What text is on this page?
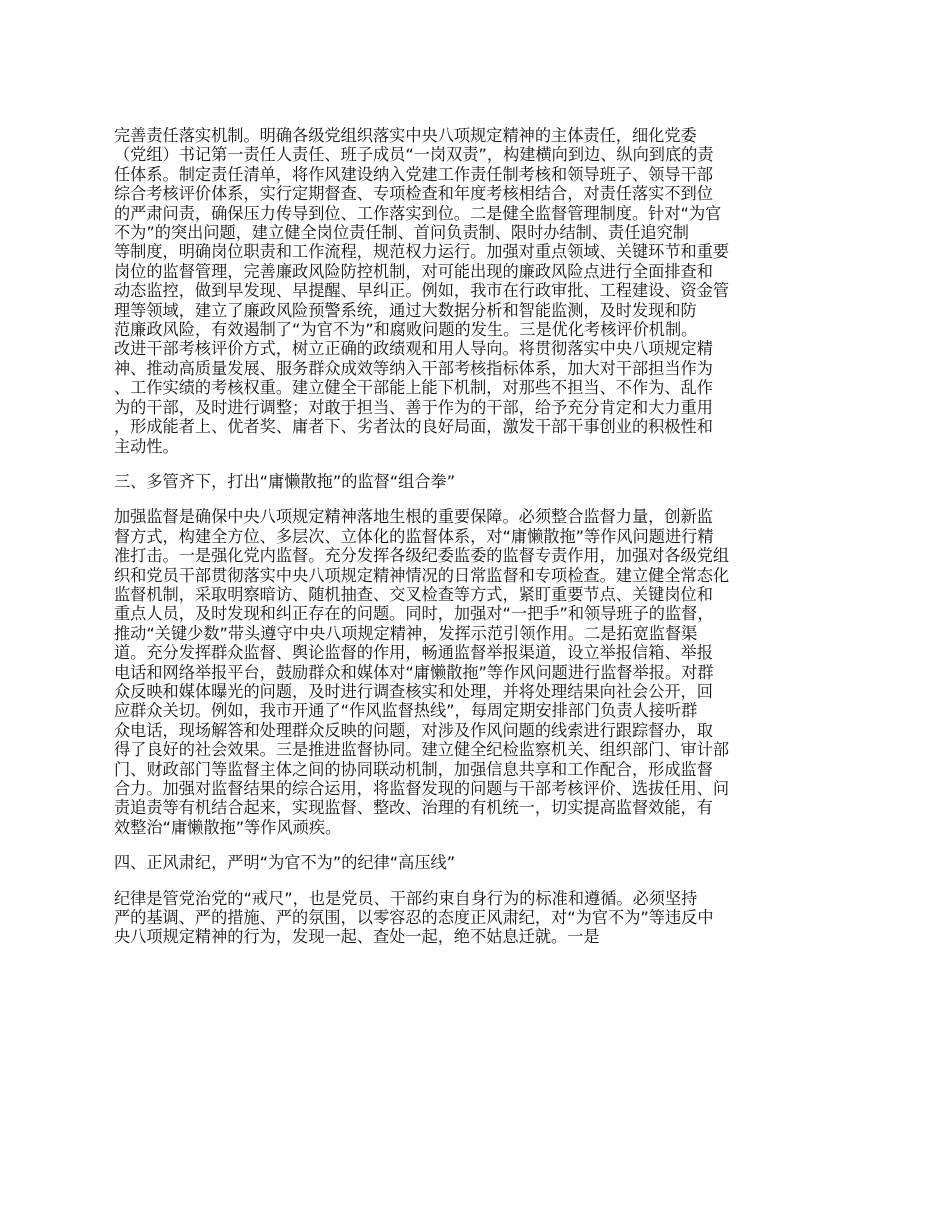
完善责任落实机制。明确各级党组织落实中央八项规定精神的主体责任，细化党委
（党组）书记第一责任人责任、班子成员“一岗双责”，构建横向到边、纵向到底的责
任体系。制定责任清单，将作风建设纳入党建工作责任制考核和领导班子、领导干部
综合考核评价体系，实行定期督查、专项检查和年度考核相结合，对责任落实不到位
的严肃问责，确保压力传导到位、工作落实到位。二是健全监督管理制度。针对“为官
不为”的突出问题，建立健全岗位责任制、首问负责制、限时办结制、责任追究制
等制度，明确岗位职责和工作流程，规范权力运行。加强对重点领域、关键环节和重要
岗位的监督管理，完善廉政风险防控机制，对可能出现的廉政风险点进行全面排查和
动态监控，做到早发现、早提醒、早纠正。例如，我市在行政审批、工程建设、资金管
理等领域，建立了廉政风险预警系统，通过大数据分析和智能监测，及时发现和防
范廉政风险，有效遏制了“为官不为”和腐败问题的发生。三是优化考核评价机制。
改进干部考核评价方式，树立正确的政绩观和用人导向。将贯彻落实中央八项规定精
神、推动高质量发展、服务群众成效等纳入干部考核指标体系，加大对干部担当作为
、工作实绩的考核权重。建立健全干部能上能下机制，对那些不担当、不作为、乱作
为的干部，及时进行调整；对敢于担当、善于作为的干部，给予充分肯定和大力重用
，形成能者上、优者奖、庸者下、劣者汰的良好局面，激发干部干事创业的积极性和
主动性。
三、多管齐下，打出“庸懒散拖”的监督“组合拳”
加强监督是确保中央八项规定精神落地生根的重要保障。必须整合监督力量，创新监
督方式，构建全方位、多层次、立体化的监督体系，对“庸懒散拖”等作风问题进行精
准打击。一是强化党内监督。充分发挥各级纪委监委的监督专责作用，加强对各级党组
织和党员干部贯彻落实中央八项规定精神情况的日常监督和专项检查。建立健全常态化
监督机制，采取明察暗访、随机抽查、交叉检查等方式，紧盯重要节点、关键岗位和
重点人员，及时发现和纠正存在的问题。同时，加强对“一把手”和领导班子的监督，
推动“关键少数”带头遵守中央八项规定精神，发挥示范引领作用。二是拓宽监督渠
道。充分发挥群众监督、舆论监督的作用，畅通监督举报渠道，设立举报信箱、举报
电话和网络举报平台，鼓励群众和媒体对“庸懒散拖”等作风问题进行监督举报。对群
众反映和媒体曝光的问题，及时进行调查核实和处理，并将处理结果向社会公开，回
应群众关切。例如，我市开通了“作风监督热线”，每周定期安排部门负责人接听群
众电话，现场解答和处理群众反映的问题，对涉及作风问题的线索进行跟踪督办，取
得了良好的社会效果。三是推进监督协同。建立健全纪检监察机关、组织部门、审计部
门、财政部门等监督主体之间的协同联动机制，加强信息共享和工作配合，形成监督
合力。加强对监督结果的综合运用，将监督发现的问题与干部考核评价、选拔任用、问
责追责等有机结合起来，实现监督、整改、治理的有机统一，切实提高监督效能，有
效整治“庸懒散拖”等作风顽疾。
四、正风肃纪，严明“为官不为”的纪律“高压线”
纪律是管党治党的“戒尺”，也是党员、干部约束自身行为的标准和遵循。必须坚持
严的基调、严的措施、严的氛围，以零容忍的态度正风肃纪，对“为官不为”等违反中
央八项规定精神的行为，发现一起、查处一起，绝不姑息迁就。一是
